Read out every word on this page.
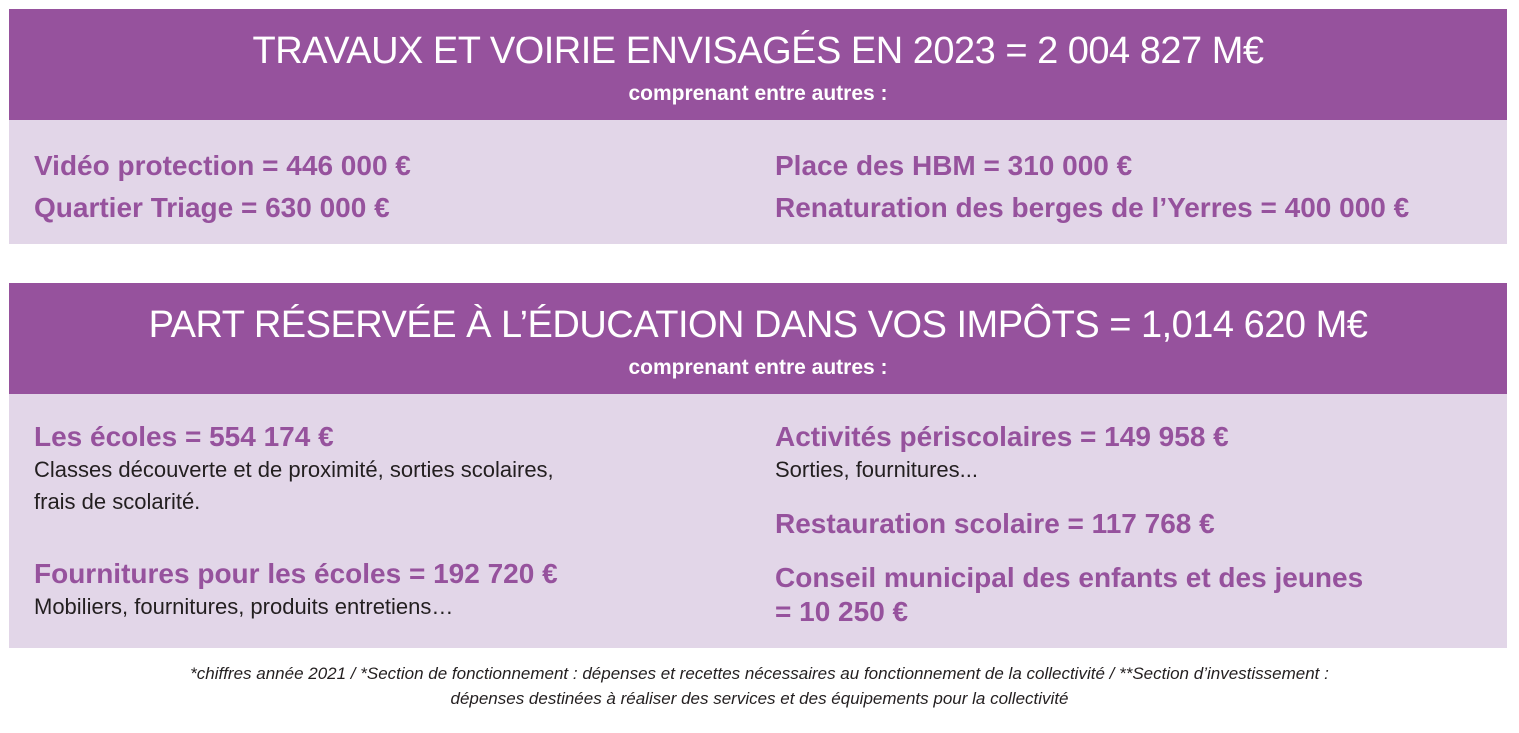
TRAVAUX ET VOIRIE ENVISAGÉS EN 2023 = 2 004 827 M€
comprenant entre autres :
Vidéo protection = 446 000 €
Quartier Triage = 630 000 €
Place des HBM = 310 000 €
Renaturation des berges de l’Yerres = 400 000 €
PART RÉSERVÉE À L’ÉDUCATION DANS VOS IMPÔTS = 1,014 620 M€
comprenant entre autres :
Les écoles = 554 174 €
Classes découverte et de proximité, sorties scolaires,
frais de scolarité.
Fournitures pour les écoles = 192 720 €
Mobiliers, fournitures, produits entretiens…
Activités périscolaires = 149 958 €
Sorties, fournitures...
Restauration scolaire = 117 768 €
Conseil municipal des enfants et des jeunes
= 10 250 €
*chiffres année 2021 / *Section de fonctionnement : dépenses et recettes nécessaires au fonctionnement de la collectivité / **Section d’investissement :
dépenses destinées à réaliser des services et des équipements pour la collectivité
